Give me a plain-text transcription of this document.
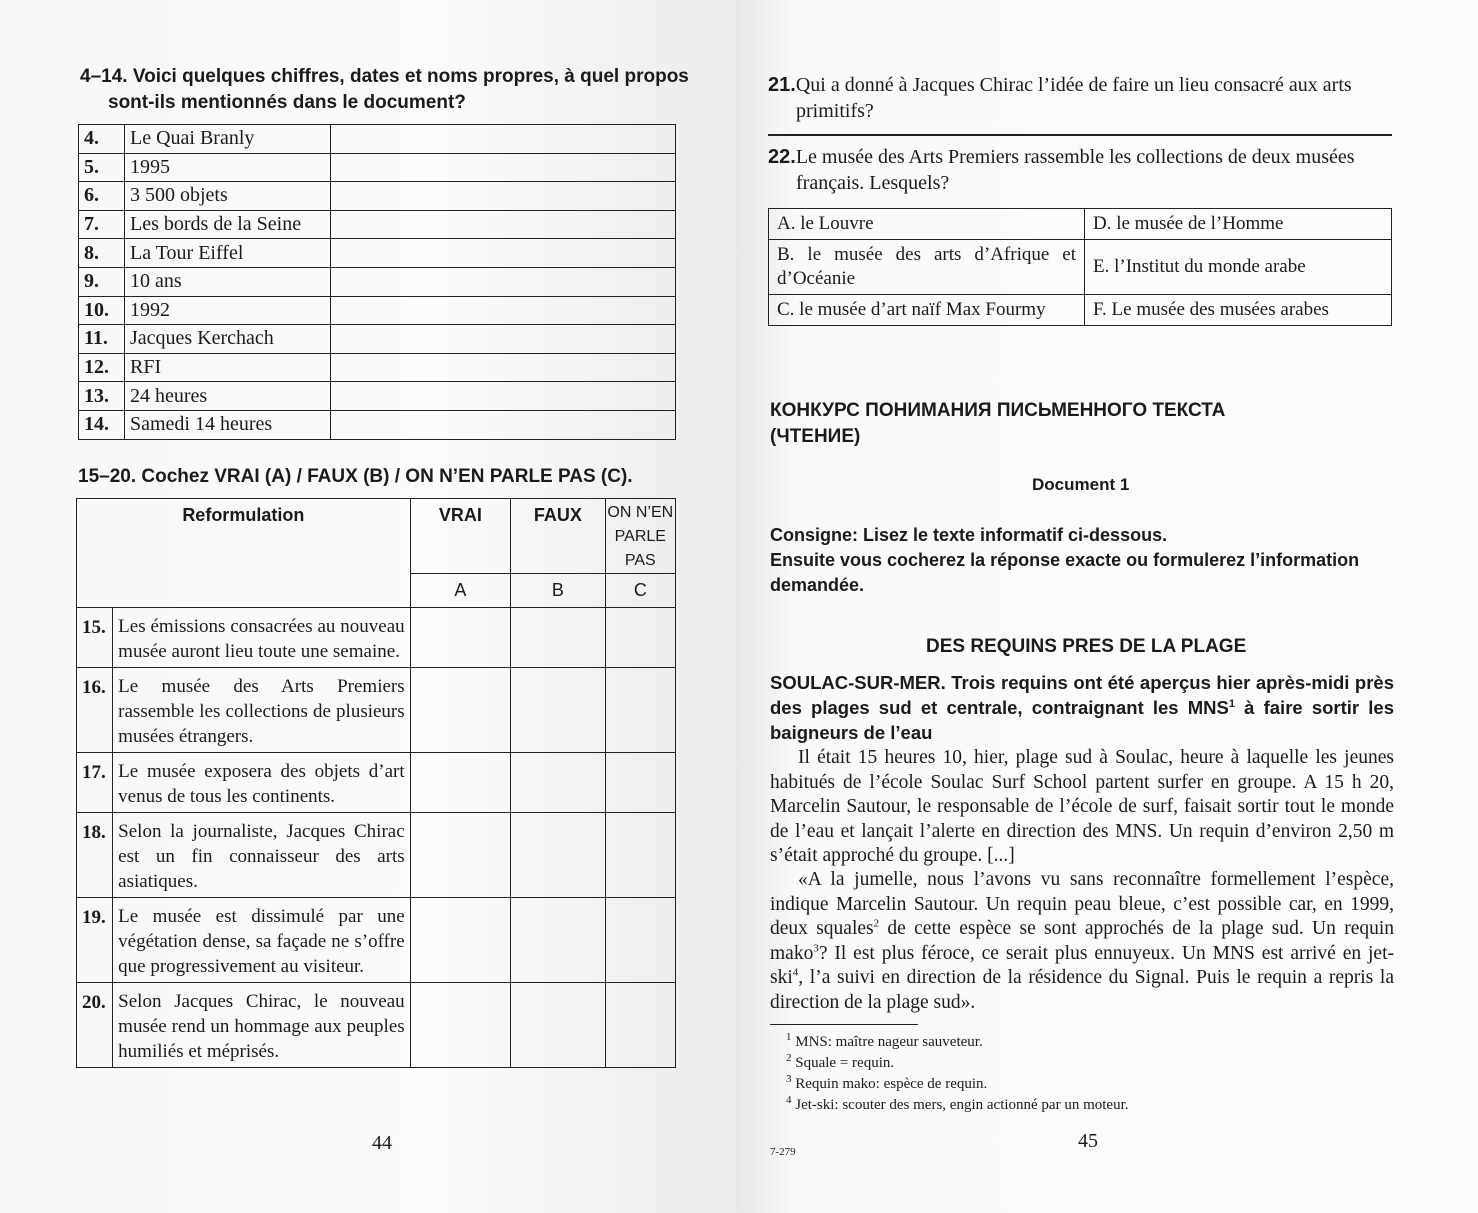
4–14. Voici quelques chiffres, dates et noms propres, à quel propos
sont-ils mentionnés dans le document?
4.	Le Quai Branly	
5.	1995	
6.	3 500 objets	
7.	Les bords de la Seine	
8.	La Tour Eiffel	
9.	10 ans	
10.	1992	
11.	Jacques Kerchach	
12.	RFI	
13.	24 heures	
14.	Samedi 14 heures	
15–20. Cochez VRAI (A) / FAUX (B) / ON N’EN PARLE PAS (C).
Reformulation		VRAI	FAUX	ON N’EN
PARLE
PAS

		A	B	C
15.	Les émissions consacrées au nouveau musée auront lieu toute une semaine.			
16.	Le musée des Arts Premiers rassemble les collections de plusieurs musées étrangers.			
17.	Le musée exposera des objets d’art venus de tous les continents.			
18.	Selon la journaliste, Jacques Chirac est un fin connaisseur des arts asiatiques.			
19.	Le musée est dissimulé par une végétation dense, sa façade ne s’offre que progressivement au visiteur.			
20.	Selon Jacques Chirac, le nouveau musée rend un hommage aux peuples humiliés et méprisés.			
44
21.Qui a donné à Jacques Chirac l’idée de faire un lieu consacré aux arts
primitifs?
22.Le musée des Arts Premiers rassemble les collections de deux musées
français. Lesquels?
A. le Louvre	D. le musée de l’Homme
B. le musée des arts d’Afrique et d’Océanie	E. l’Institut du monde arabe
C. le musée d’art naïf Max Fourmy	F. Le musée des musées arabes
КОНКУРС ПОНИМАНИЯ ПИСЬМЕННОГО ТЕКСТА
(ЧТЕНИЕ)
Document 1
Consigne: Lisez le texte informatif ci-dessous.
Ensuite vous cocherez la réponse exacte ou formulerez l’information demandée.
DES REQUINS PRES DE LA PLAGE
SOULAC-SUR-MER. Trois requins ont été aperçus hier après-midi près des plages sud et centrale, contraignant les MNS$^1$ à faire sortir les baigneurs de l’eau
Il était 15 heures 10, hier, plage sud à Soulac, heure à laquelle les jeunes habitués de l’école Soulac Surf School partent surfer en groupe. A 15 h 20, Marcelin Sautour, le responsable de l’école de surf, faisait sortir tout le monde de l’eau et lançait l’alerte en direction des MNS. Un requin d’environ 2,50 m s’était approché du groupe. [...]
«A la jumelle, nous l’avons vu sans reconnaître formellement l’espèce, indique Marcelin Sautour. Un requin peau bleue, c’est possible car, en 1999, deux squales$^2$ de cette espèce se sont approchés de la plage sud. Un requin mako$^3$? Il est plus féroce, ce serait plus ennuyeux. Un MNS est arrivé en jet-ski$^4$, l’a suivi en direction de la résidence du Signal. Puis le requin a repris la direction de la plage sud».
$^1$ MNS: maître nageur sauveteur.
$^2$ Squale = requin.
$^3$ Requin mako: espèce de requin.
$^4$ Jet-ski: scouter des mers, engin actionné par un moteur.
7-279	45
